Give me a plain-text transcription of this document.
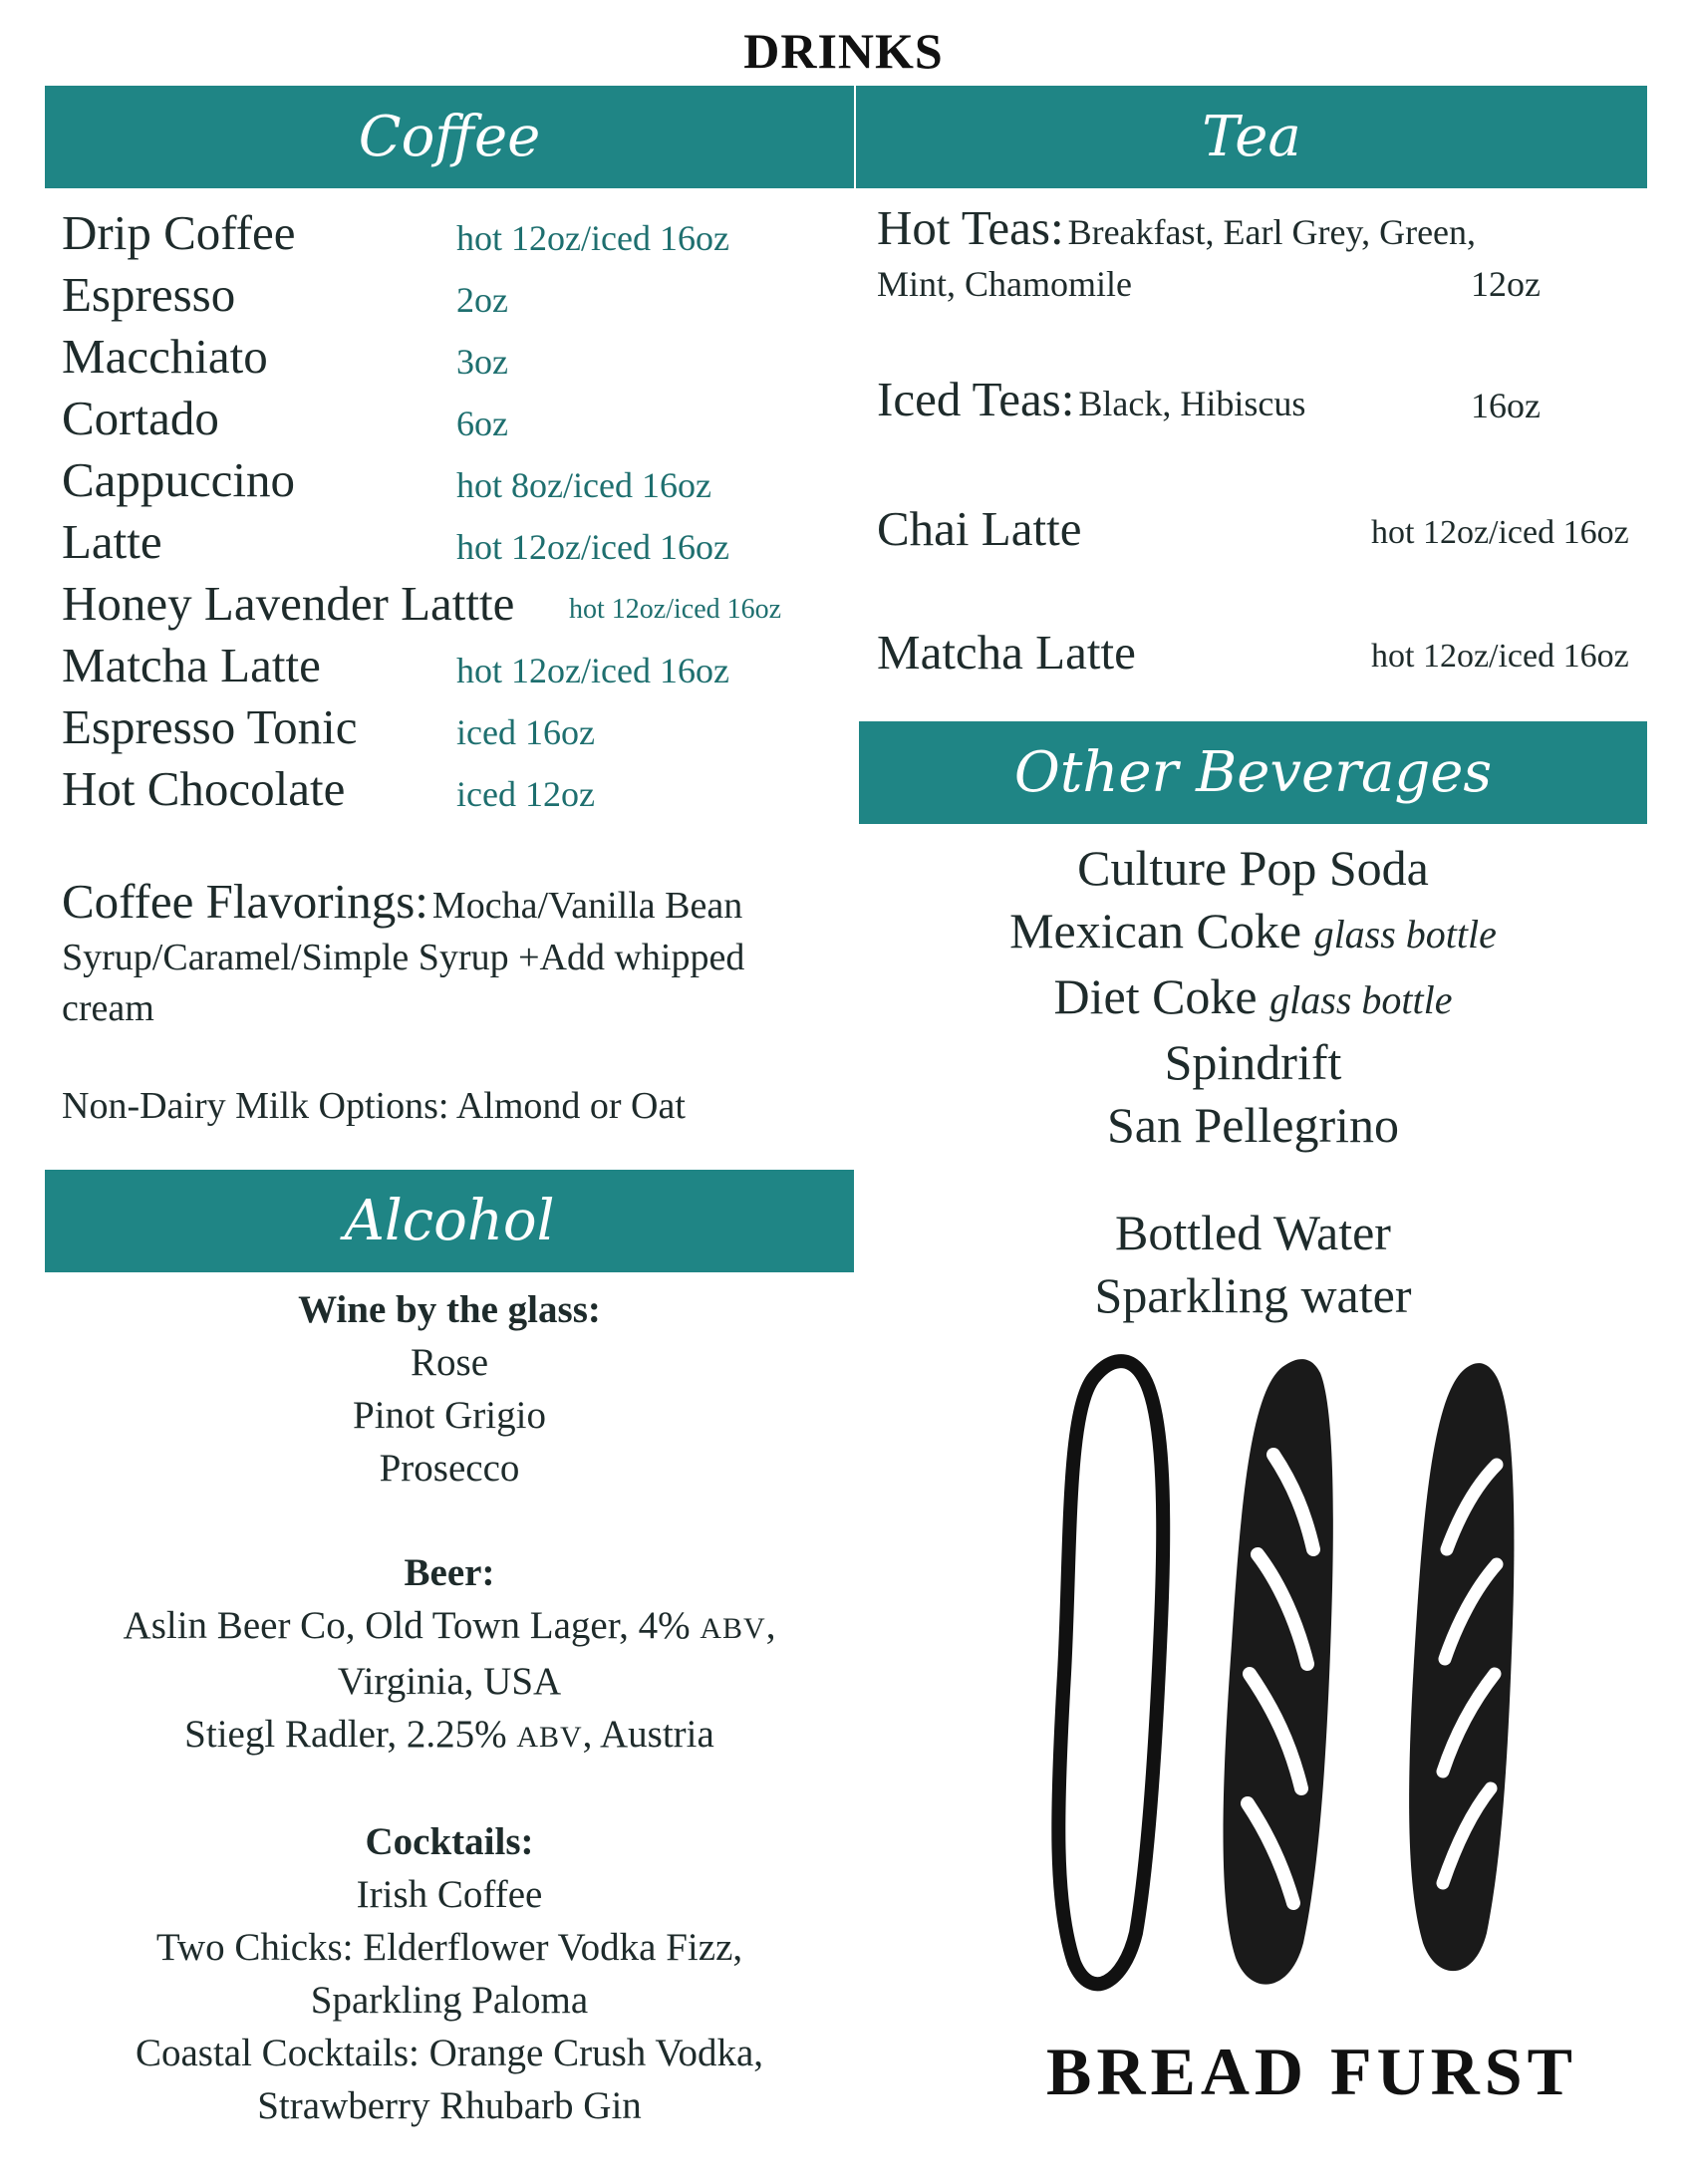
DRINKS
Coffee	Tea
Drip Coffee	hot 12oz/iced 16oz
Espresso	2oz
Macchiato	3oz
Cortado	6oz
Cappuccino	hot 8oz/iced 16oz
Latte	hot 12oz/iced 16oz
Honey Lavender Lattte hot 12oz/iced 16oz
Matcha Latte	hot 12oz/iced 16oz
Espresso Tonic	iced 16oz
Hot Chocolate	iced 12oz
Coffee Flavorings: Mocha/Vanilla Bean
Syrup/Caramel/Simple Syrup +Add whipped
cream
Non-Dairy Milk Options: Almond or Oat
Hot Teas: Breakfast, Earl Grey, Green,
Mint, Chamomile	12oz
Iced Teas: Black, Hibiscus	16oz
Chai Latte	hot 12oz/iced 16oz
Matcha Latte	hot 12oz/iced 16oz
Other Beverages
Culture Pop Soda
Mexican Coke glass bottle
Diet Coke glass bottle
Spindrift
San Pellegrino
Bottled Water
Sparkling water
Alcohol
Wine by the glass:
Rose
Pinot Grigio
Prosecco
Beer:
Aslin Beer Co, Old Town Lager, 4% ABV,
Virginia, USA
Stiegl Radler, 2.25% ABV, Austria
Cocktails:
Irish Coffee
Two Chicks: Elderflower Vodka Fizz,
Sparkling Paloma
Coastal Cocktails: Orange Crush Vodka,
Strawberry Rhubarb Gin	BREAD FURST
